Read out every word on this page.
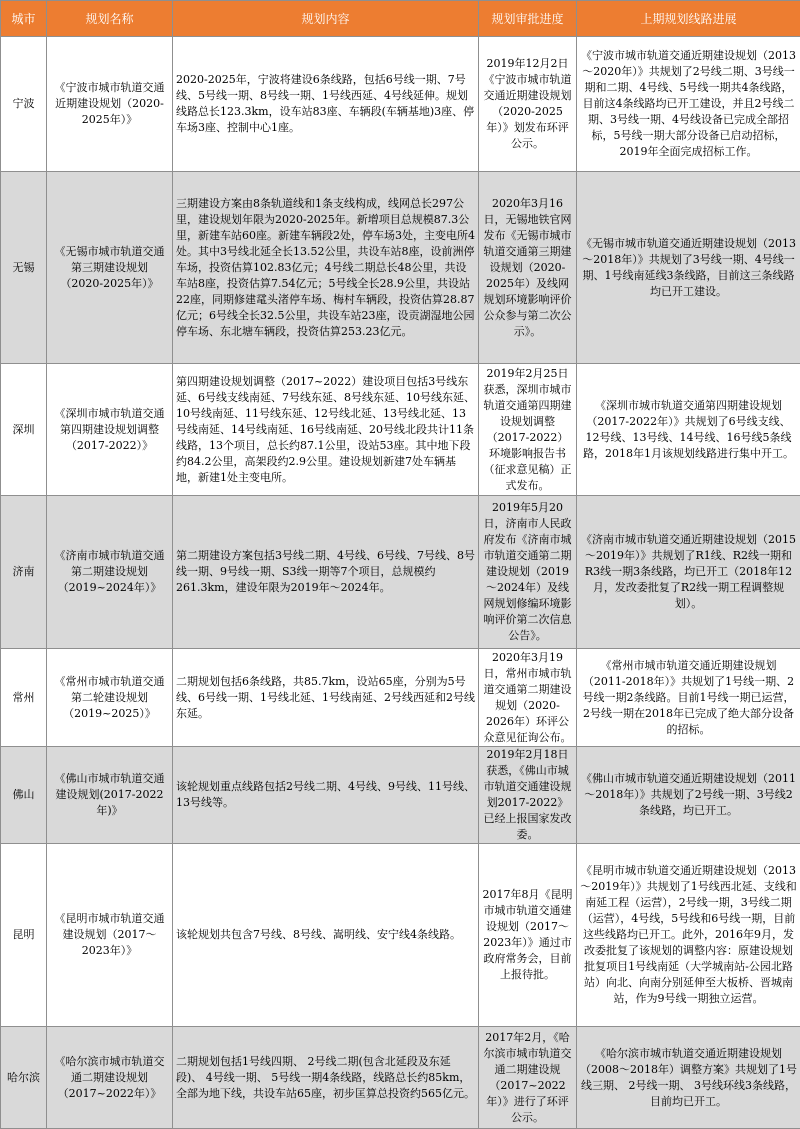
城市	规划名称	规划内容	规划审批进度	上期规划线路进展
宁波	《宁波市城市轨道交通近期建设规划（2020-2025年）》	2020-2025年，宁波将建设6条线路，包括6号线一期、7号线、5号线一期、8号线一期、1号线西延、4号线延伸。规划线路总长123.3km，设车站83座、车辆段(车辆基地)3座、停车场3座、控制中心1座。	2019年12月2日《宁波市城市轨道交通近期建设规划（2020-2025年）》划发布环评公示。	《宁波市城市轨道交通近期建设规划（2013～2020年）》共规划了2号线二期、3号线一期和二期、4号线、5号线一期共4条线路，目前这4条线路均已开工建设，并且2号线二期、3号线一期、4号线设备已完成全部招标，5号线一期大部分设备已启动招标，2019年全面完成招标工作。
无锡	《无锡市城市轨道交通第三期建设规划（2020-2025年）》	三期建设方案由8条轨道线和1条支线构成，线网总长297公里，建设规划年限为2020-2025年。新增项目总规模87.3公里，新建车站60座。新建车辆段2处，停车场3处，主变电所4处。其中3号线北延全长13.52公里，共设车站8座，设前洲停车场，投资估算102.83亿元；4号线二期总长48公里，共设车站8座，投资估算7.54亿元；5号线全长28.9公里，共设站22座，同期修建鼋头渚停车场、梅村车辆段，投资估算28.87亿元；6号线全长32.5公里，共设车站23座，设贡湖湿地公园停车场、东北塘车辆段，投资估算253.23亿元。	2020年3月16日，无锡地铁官网发布《无锡市城市轨道交通第三期建设规划（2020-2025年）及线网规划环境影响评价公众参与第二次公示》。	《无锡市城市轨道交通近期建设规划（2013～2018年）》共规划了3号线一期、4号线一期、1号线南延线3条线路，目前这三条线路均已开工建设。
深圳	《深圳市城市轨道交通第四期建设规划调整（2017-2022）》	第四期建设规划调整（2017~2022）建设项目包括3号线东延、6号线支线南延、7号线东延、8号线东延、10号线东延、10号线南延、11号线东延、12号线北延、13号线北延、13号线南延、14号线南延、16号线南延、20号线北段共计11条线路，13个项目，总长约87.1公里，设站53座。其中地下段约84.2公里，高架段约2.9公里。建设规划新建7处车辆基地，新建1处主变电所。	2019年2月25日获悉，深圳市城市轨道交通第四期建设规划调整（2017-2022）环境影响报告书（征求意见稿）正式发布。	《深圳市城市轨道交通第四期建设规划（2017-2022年）》共规划了6号线支线、12号线、13号线、14号线、16号线5条线路，2018年1月该规划线路进行集中开工。
济南	《济南市城市轨道交通第二期建设规划（2019~2024年）》	第二期建设方案包括3号线二期、4号线、6号线、7号线、8号线一期、9号线一期、S3线一期等7个项目，总规模约261.3km，建设年限为2019年～2024年。	2019年5月20日，济南市人民政府发布《济南市城市轨道交通第二期建设规划（2019～2024年）及线网规划修编环境影响评价第二次信息公告》。	《济南市城市轨道交通近期建设规划（2015～2019年）》共规划了R1线、R2线一期和R3线一期3条线路，均已开工（2018年12月，发改委批复了R2线一期工程调整规划）。
常州	《常州市城市轨道交通第二轮建设规划（2019~2025）》	二期规划包括6条线路，共85.7km，设站65座，分别为5号线、6号线一期、1号线北延、1号线南延、2号线西延和2号线东延。	2020年3月19日，常州市城市轨道交通第二期建设规划（2020-2026年）环评公众意见征询公布。	《常州市城市轨道交通近期建设规划（2011-2018年）》共规划了1号线一期、2号线一期2条线路。目前1号线一期已运营，2号线一期在2018年已完成了绝大部分设备的招标。
佛山	《佛山市城市轨道交通建设规划(2017-2022年)》	该轮规划重点线路包括2号线二期、4号线、9号线、11号线、13号线等。	2019年2月18日获悉，《佛山市城市轨道交通建设规划2017-2022》已经上报国家发改委。	《佛山市城市轨道交通近期建设规划（2011～2018年）》共规划了2号线一期、3号线2条线路，均已开工。
昆明	《昆明市城市轨道交通建设规划（2017～2023年）》	该轮规划共包含7号线、8号线、嵩明线、安宁线4条线路。	2017年8月《昆明市城市轨道交通建设规划（2017～2023年）》通过市政府常务会，目前上报待批。	《昆明市城市轨道交通近期建设规划（2013～2019年）》共规划了1号线西北延、支线和南延工程（运营），2号线一期，3号线二期（运营），4号线，5号线和6号线一期，目前这些线路均已开工。此外，2016年9月，发改委批复了该规划的调整内容：原建设规划批复项目1号线南延（大学城南站-公园北路站）向北、向南分别延伸至大板桥、晋城南站，作为9号线一期独立运营。
哈尔滨	《哈尔滨市城市轨道交通二期建设规划（2017~2022年）》	二期规划包括1号线四期、 2号线二期(包含北延段及东延段)、 4号线一期、 5号线一期4条线路，线路总长约85km，全部为地下线，共设车站65座，初步匡算总投资约565亿元。	2017年2月，《哈尔滨市城市轨道交通二期建设规（2017~2022年）》进行了环评公示。	《哈尔滨市城市轨道交通近期建设规划（2008～2018年）调整方案》共规划了1号线三期、 2号线一期、 3号线环线3条线路，目前均已开工。
